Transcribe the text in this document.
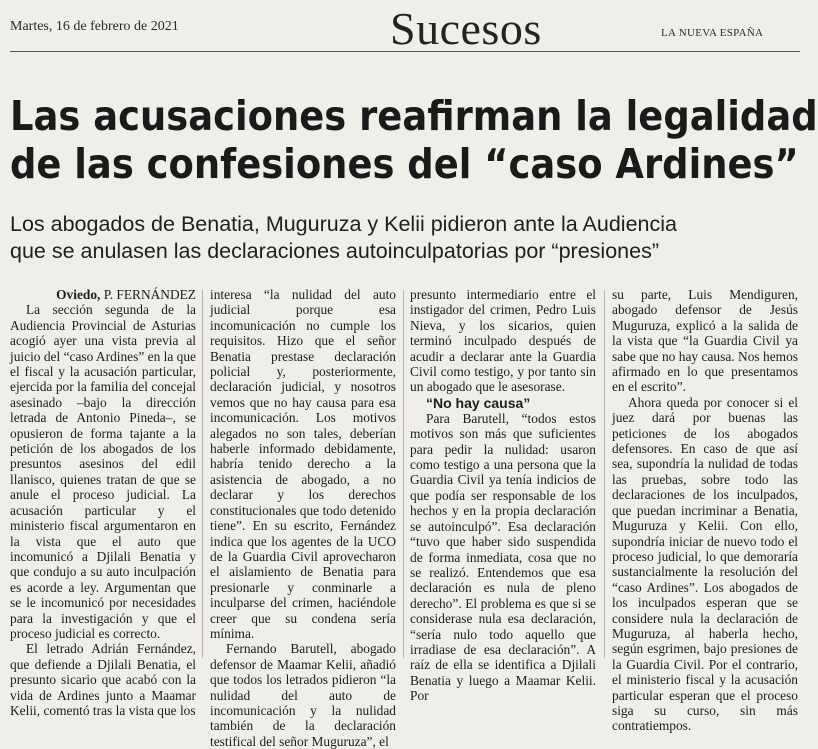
Martes, 16 de febrero de 2021	Sucesos	LA NUEVA ESPAÑA
Las acusaciones reafirman la legalidad
de las confesiones del “caso Ardines”
Los abogados de Benatia, Muguruza y Kelii pidieron ante la Audiencia
que se anulasen las declaraciones autoinculpatorias por “presiones”

Oviedo, P. FERNÁNDEZ

La sección segunda de la Audiencia Provincial de Asturias acogió ayer una vista previa al juicio del “caso Ardines” en la que el fiscal y la acusación particular, ejercida por la familia del concejal asesinado –bajo la dirección letrada de Antonio Pineda–, se opusieron de forma tajante a la petición de los abogados de los presuntos asesinos del edil llanisco, quienes tratan de que se anule el proceso judicial. La acusación particular y el ministerio fiscal argumentaron en la vista que el auto que incomunicó a Djilali Benatia y que condujo a su auto inculpación es acorde a ley. Argumentan que se le incomunicó por necesidades para la investigación y que el proceso judicial es correcto.

El letrado Adrián Fernández, que defiende a Djilali Benatia, el presunto sicario que acabó con la vida de Ardines junto a Maamar Kelii, comentó tras la vista que los

interesa “la nulidad del auto judicial porque esa incomunicación no cumple los requisitos. Hizo que el señor Benatia prestase declaración policial y, posteriormente, declaración judicial, y nosotros vemos que no hay causa para esa incomunicación. Los motivos alegados no son tales, deberían haberle informado debidamente, habría tenido derecho a la asistencia de abogado, a no declarar y los derechos constitucionales que todo detenido tiene”. En su escrito, Fernández indica que los agentes de la UCO de la Guardia Civil aprovecharon el aislamiento de Benatia para presionarle y conminarle a inculparse del crimen, haciéndole creer que su condena sería mínima.

Fernando Barutell, abogado defensor de Maamar Kelii, añadió que todos los letrados pidieron “la nulidad del auto de incomunicación y la nulidad también de la declaración testifical del señor Muguruza”, el

presunto intermediario entre el instigador del crimen, Pedro Luis Nieva, y los sicarios, quien terminó inculpado después de acudir a declarar ante la Guardia Civil como testigo, y por tanto sin un abogado que le asesorase.

“No hay causa”

Para Barutell, “todos estos motivos son más que suficientes para pedir la nulidad: usaron como testigo a una persona que la Guardia Civil ya tenía indicios de que podía ser responsable de los hechos y en la propia declaración se autoinculpó”. Esa declaración “tuvo que haber sido suspendida de forma inmediata, cosa que no se realizó. Entendemos que esa declaración es nula de pleno derecho”. El problema es que si se considerase nula esa declaración, “sería nulo todo aquello que irradiase de esa declaración”. A raíz de ella se identifica a Djilali Benatia y luego a Maamar Kelii. Por

su parte, Luis Mendiguren, abogado defensor de Jesús Muguruza, explicó a la salida de la vista que “la Guardia Civil ya sabe que no hay causa. Nos hemos afirmado en lo que presentamos en el escrito”.

Ahora queda por conocer si el juez dará por buenas las peticiones de los abogados defensores. En caso de que así sea, supondría la nulidad de todas las pruebas, sobre todo las declaraciones de los inculpados, que puedan incriminar a Benatia, Muguruza y Kelii. Con ello, supondría iniciar de nuevo todo el proceso judicial, lo que demoraría sustancialmente la resolución del “caso Ardines”. Los abogados de los inculpados esperan que se considere nula la declaración de Muguruza, al haberla hecho, según esgrimen, bajo presiones de la Guardia Civil. Por el contrario, el ministerio fiscal y la acusación particular esperan que el proceso siga su curso, sin más contratiempos.
